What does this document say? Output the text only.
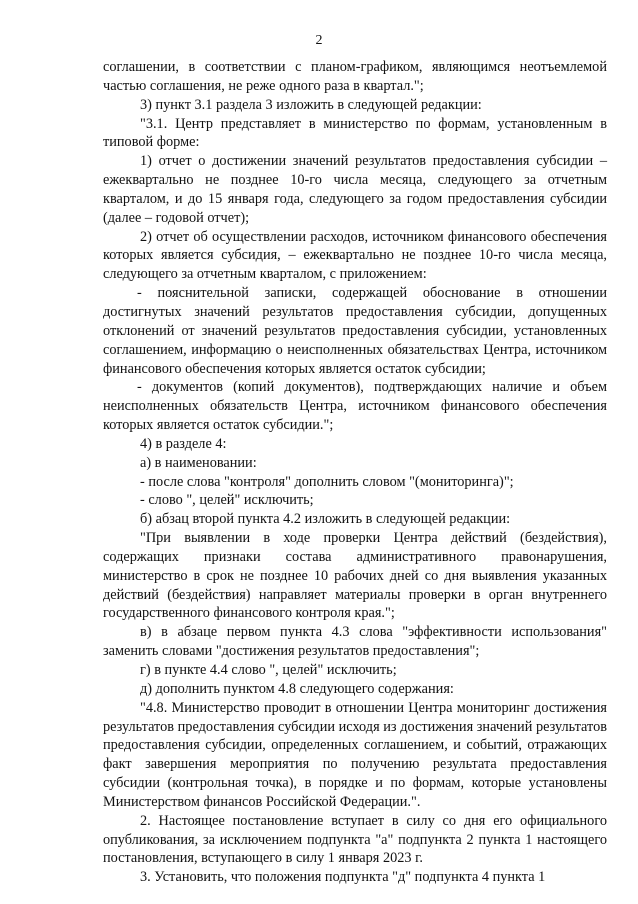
2

соглашении, в соответствии с планом-графиком, являющимся неотъемлемой частью соглашения, не реже одного раза в квартал.";

3) пункт 3.1 раздела 3 изложить в следующей редакции:

"3.1. Центр представляет в министерство по формам, установленным в типовой форме:

1) отчет о достижении значений результатов предоставления субсидии – ежеквартально не позднее 10-го числа месяца, следующего за отчетным кварталом, и до 15 января года, следующего за годом предоставления субсидии (далее – годовой отчет);

2) отчет об осуществлении расходов, источником финансового обеспечения которых является субсидия, – ежеквартально не позднее 10-го числа месяца, следующего за отчетным кварталом, с приложением:

- пояснительной записки, содержащей обоснование в отношении достигнутых значений результатов предоставления субсидии, допущенных отклонений от значений результатов предоставления субсидии, установленных соглашением, информацию о неисполненных обязательствах Центра, источником финансового обеспечения которых является остаток субсидии;

- документов (копий документов), подтверждающих наличие и объем неисполненных обязательств Центра, источником финансового обеспечения которых является остаток субсидии.";

4) в разделе 4:

а) в наименовании:

- после слова "контроля" дополнить словом "(мониторинга)";

- слово ", целей" исключить;

б) абзац второй пункта 4.2 изложить в следующей редакции:

"При выявлении в ходе проверки Центра действий (бездействия), содержащих признаки состава административного правонарушения, министерство в срок не позднее 10 рабочих дней со дня выявления указанных действий (бездействия) направляет материалы проверки в орган внутреннего государственного финансового контроля края.";

в) в абзаце первом пункта 4.3 слова "эффективности использования" заменить словами "достижения результатов предоставления";

г) в пункте 4.4 слово ", целей" исключить;

д) дополнить пунктом 4.8 следующего содержания:

"4.8. Министерство проводит в отношении Центра мониторинг достижения результатов предоставления субсидии исходя из достижения значений результатов предоставления субсидии, определенных соглашением, и событий, отражающих факт завершения мероприятия по получению результата предоставления субсидии (контрольная точка), в порядке и по формам, которые установлены Министерством финансов Российской Федерации.".

2. Настоящее постановление вступает в силу со дня его официального опубликования, за исключением подпункта "а" подпункта 2 пункта 1 настоящего постановления, вступающего в силу 1 января 2023 г.

3. Установить, что положения подпункта "д" подпункта 4 пункта 1
